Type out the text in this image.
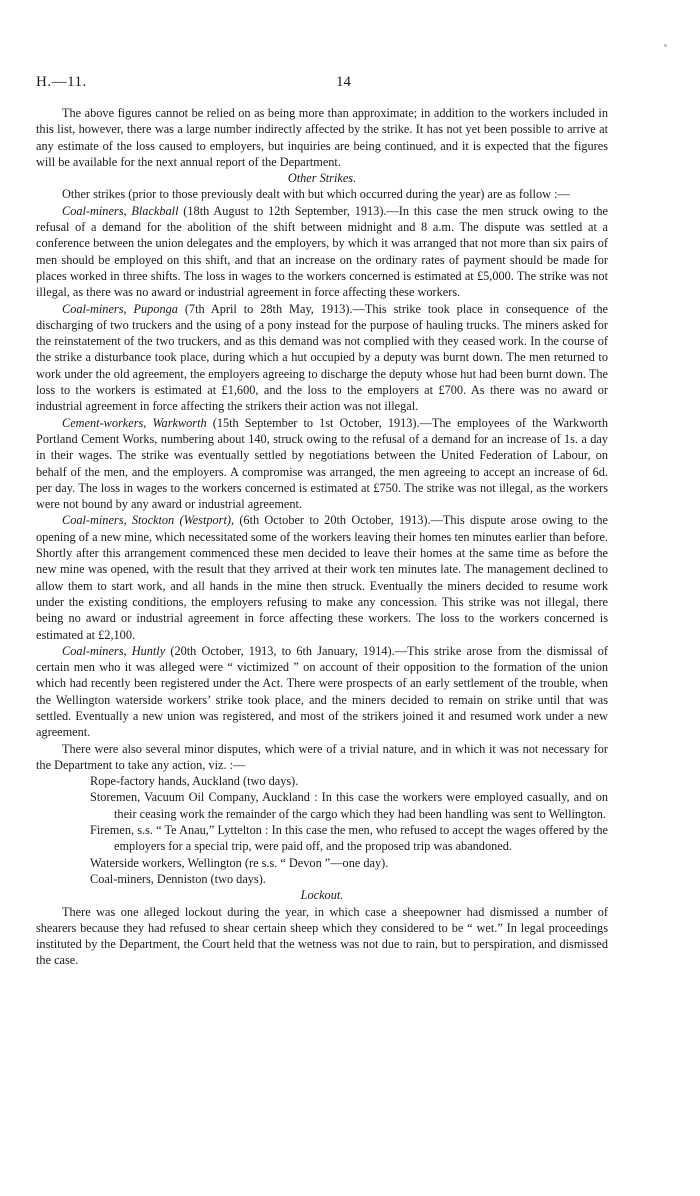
H.—11.	14

The above figures cannot be relied on as being more than approximate; in addition to the workers included in this list, however, there was a large number indirectly affected by the strike. It has not yet been possible to arrive at any estimate of the loss caused to employers, but inquiries are being continued, and it is expected that the figures will be available for the next annual report of the Department.

Other Strikes.

Other strikes (prior to those previously dealt with but which occurred during the year) are as follow :—

Coal-miners, Blackball (18th August to 12th September, 1913).—In this case the men struck owing to the refusal of a demand for the abolition of the shift between midnight and 8 a.m. The dispute was settled at a conference between the union delegates and the employers, by which it was arranged that not more than six pairs of men should be employed on this shift, and that an increase on the ordinary rates of payment should be made for places worked in three shifts. The loss in wages to the workers concerned is estimated at £5,000. The strike was not illegal, as there was no award or industrial agreement in force affecting these workers.

Coal-miners, Puponga (7th April to 28th May, 1913).—This strike took place in consequence of the discharging of two truckers and the using of a pony instead for the purpose of hauling trucks. The miners asked for the reinstatement of the two truckers, and as this demand was not complied with they ceased work. In the course of the strike a disturbance took place, during which a hut occupied by a deputy was burnt down. The men returned to work under the old agreement, the employers agreeing to discharge the deputy whose hut had been burnt down. The loss to the workers is estimated at £1,600, and the loss to the employers at £700. As there was no award or industrial agreement in force affecting the strikers their action was not illegal.

Cement-workers, Warkworth (15th September to 1st October, 1913).—The employees of the Warkworth Portland Cement Works, numbering about 140, struck owing to the refusal of a demand for an increase of 1s. a day in their wages. The strike was eventually settled by negotiations between the United Federation of Labour, on behalf of the men, and the employers. A compromise was arranged, the men agreeing to accept an increase of 6d. per day. The loss in wages to the workers concerned is estimated at £750. The strike was not illegal, as the workers were not bound by any award or industrial agreement.

Coal-miners, Stockton (Westport), (6th October to 20th October, 1913).—This dispute arose owing to the opening of a new mine, which necessitated some of the workers leaving their homes ten minutes earlier than before. Shortly after this arrangement commenced these men decided to leave their homes at the same time as before the new mine was opened, with the result that they arrived at their work ten minutes late. The management declined to allow them to start work, and all hands in the mine then struck. Eventually the miners decided to resume work under the existing conditions, the employers refusing to make any concession. This strike was not illegal, there being no award or industrial agreement in force affecting these workers. The loss to the workers concerned is estimated at £2,100.

Coal-miners, Huntly (20th October, 1913, to 6th January, 1914).—This strike arose from the dismissal of certain men who it was alleged were “ victimized ” on account of their opposition to the formation of the union which had recently been registered under the Act. There were prospects of an early settlement of the trouble, when the Wellington waterside workers’ strike took place, and the miners decided to remain on strike until that was settled. Eventually a new union was registered, and most of the strikers joined it and resumed work under a new agreement.

There were also several minor disputes, which were of a trivial nature, and in which it was not necessary for the Department to take any action, viz. :—

Rope-factory hands, Auckland (two days).

Storemen, Vacuum Oil Company, Auckland : In this case the workers were employed casually, and on their ceasing work the remainder of the cargo which they had been handling was sent to Wellington.

Firemen, s.s. “ Te Anau,” Lyttelton : In this case the men, who refused to accept the wages offered by the employers for a special trip, were paid off, and the proposed trip was abandoned.

Waterside workers, Wellington (re s.s. “ Devon ”—one day).

Coal-miners, Denniston (two days).

Lockout.

There was one alleged lockout during the year, in which case a sheepowner had dismissed a number of shearers because they had refused to shear certain sheep which they considered to be “ wet.” In legal proceedings instituted by the Department, the Court held that the wetness was not due to rain, but to perspiration, and dismissed the case.
